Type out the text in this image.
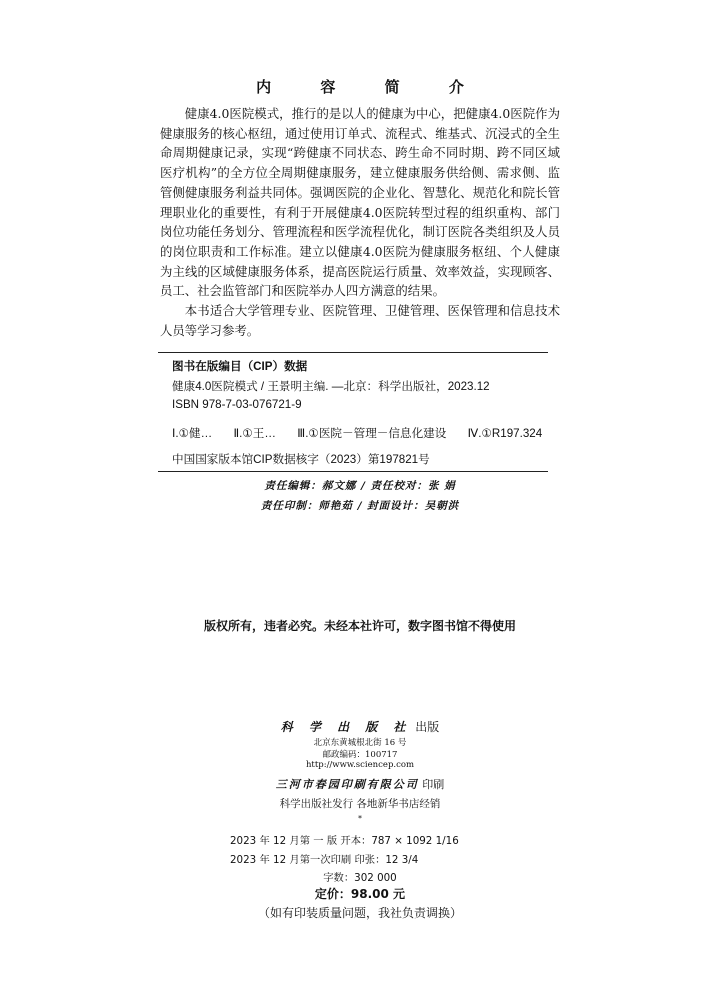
内 容 简 介

健康4.0医院模式，推行的是以人的健康为中心，把健康4.0医院作为健康服务的核心枢纽，通过使用订单式、流程式、维基式、沉浸式的全生命周期健康记录，实现“跨健康不同状态、跨生命不同时期、跨不同区域医疗机构”的全方位全周期健康服务，建立健康服务供给侧、需求侧、监管侧健康服务利益共同体。强调医院的企业化、智慧化、规范化和院长管理职业化的重要性，有利于开展健康4.0医院转型过程的组织重构、部门岗位功能任务划分、管理流程和医学流程优化，制订医院各类组织及人员的岗位职责和工作标准。建立以健康4.0医院为健康服务枢纽、个人健康为主线的区域健康服务体系，提高医院运行质量、效率效益，实现顾客、员工、社会监管部门和医院举办人四方满意的结果。

本书适合大学管理专业、医院管理、卫健管理、医保管理和信息技术人员等学习参考。

图书在版编目（CIP）数据
健康4.0医院模式 / 王景明主编. —北京：科学出版社，2023.12
ISBN 978-7-03-076721-9
Ⅰ.①健… Ⅱ.①王… Ⅲ.①医院－管理－信息化建设 Ⅳ.①R197.324
中国国家版本馆CIP数据核字（2023）第197821号
责任编辑：郝文娜 / 责任校对：张 娟
责任印制：师艳茹 / 封面设计：吴朝洪
版权所有，违者必究。未经本社许可，数字图书馆不得使用
科 学 出 版 社 出版
北京东黄城根北街 16 号
邮政编码：100717
http://www.sciencep.com
三河市春园印刷有限公司 印刷
科学出版社发行 各地新华书店经销
*
2023 年 12 月第 一 版 开本：787 × 1092 1/16
2023 年 12 月第一次印刷 印张：12 3/4
字数：302 000
定价：98.00 元
（如有印装质量问题，我社负责调换）
